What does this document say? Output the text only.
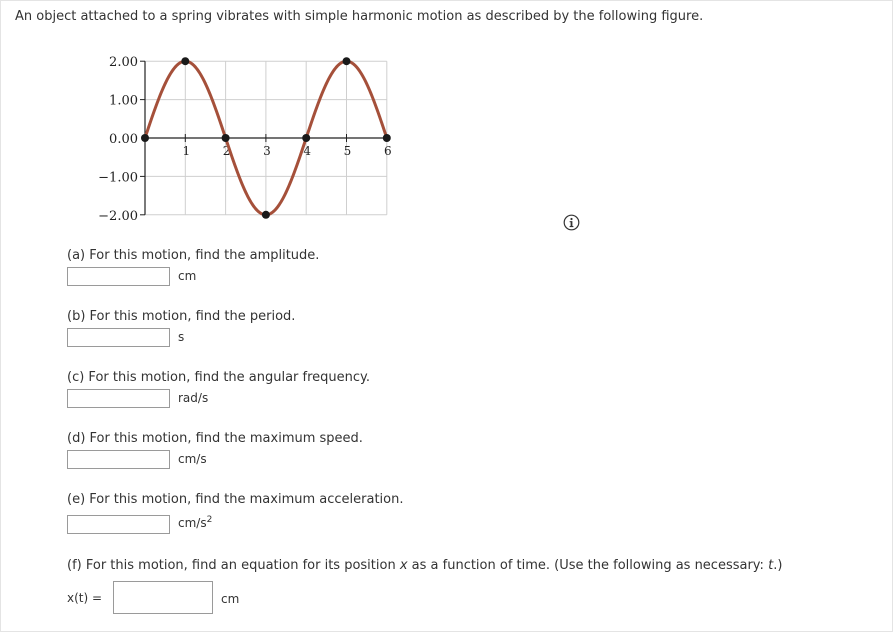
An object attached to a spring vibrates with simple harmonic motion as described by the following figure.
2.00
1.00
0.00
−1.00
−2.00
1	2	3	4	5	6
(a) For this motion, find the amplitude.
cm
(b) For this motion, find the period.
s
(c) For this motion, find the angular frequency.
rad/s
(d) For this motion, find the maximum speed.
cm/s
(e) For this motion, find the maximum acceleration.
$cm/s^2$
(f) For this motion, find an equation for its position x as a function of time. (Use the following as necessary: t.)
x(t) =	cm
